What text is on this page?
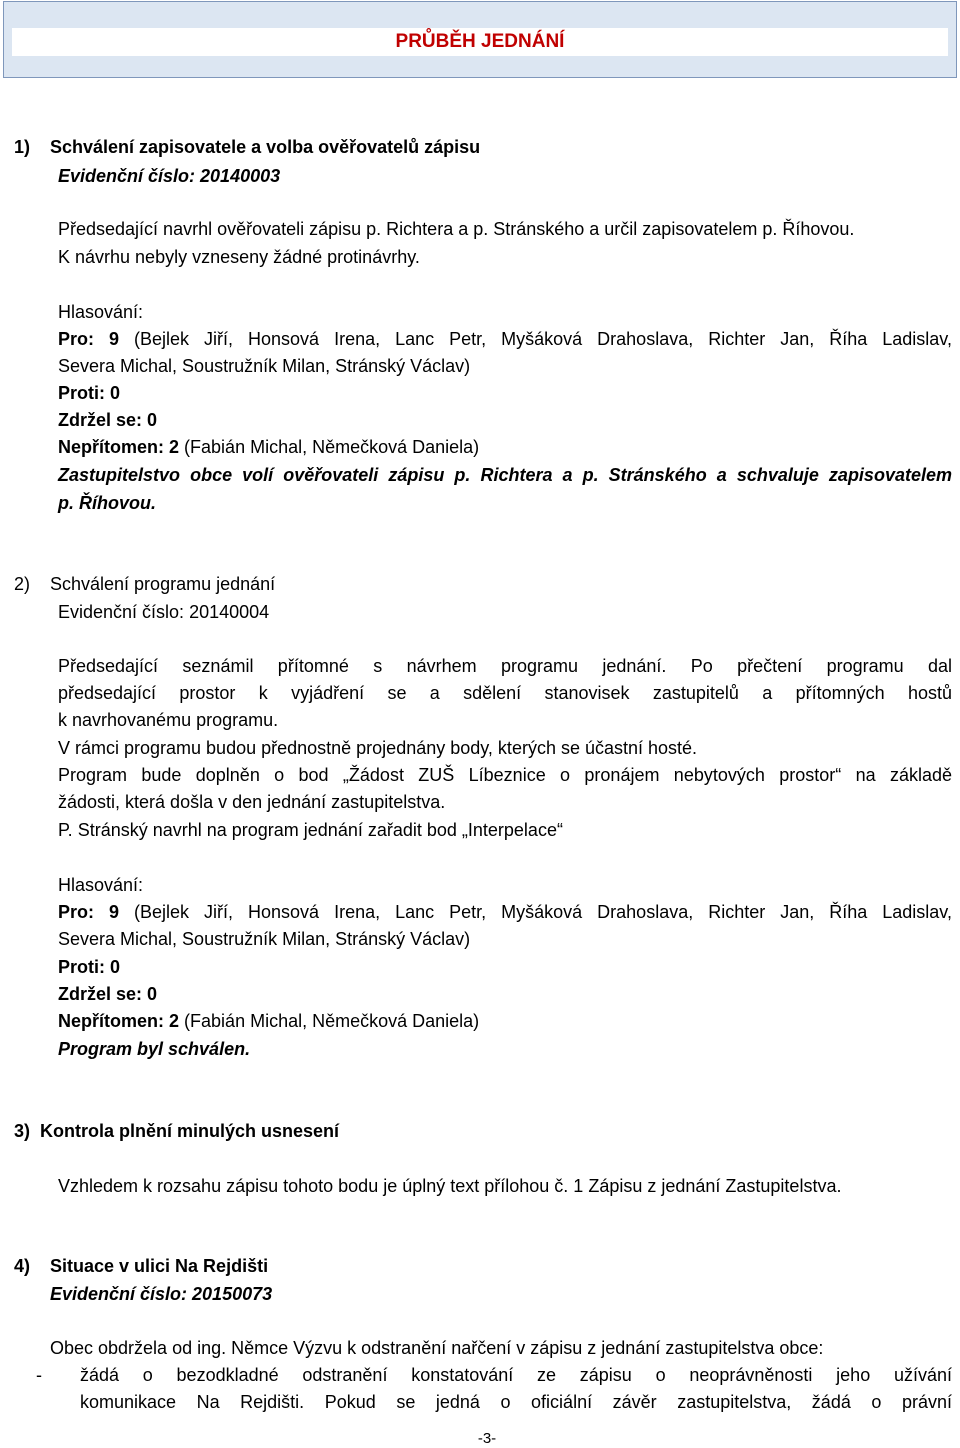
PRŮBĚH JEDNÁNÍ
1) Schválení zapisovatele a volba ověřovatelů zápisu
Evidenční číslo: 20140003
Předsedající navrhl ověřovateli zápisu p. Richtera a p. Stránského a určil zapisovatelem p. Říhovou.
K návrhu nebyly vzneseny žádné protinávrhy.
Hlasování:
Pro: 9 (Bejlek Jiří, Honsová Irena, Lanc Petr, Myšáková Drahoslava, Richter Jan, Říha Ladislav,
Severa Michal, Soustružník Milan, Stránský Václav)
Proti: 0
Zdržel se: 0
Nepřítomen: 2 (Fabián Michal, Němečková Daniela)
Zastupitelstvo obce volí ověřovateli zápisu p. Richtera a p. Stránského a schvaluje zapisovatelem
p. Říhovou.
2) Schválení programu jednání
Evidenční číslo: 20140004
Předsedající seznámil přítomné s návrhem programu jednání. Po přečtení programu dal
předsedající prostor k vyjádření se a sdělení stanovisek zastupitelů a přítomných hostů
k navrhovanému programu.
V rámci programu budou přednostně projednány body, kterých se účastní hosté.
Program bude doplněn o bod „Žádost ZUŠ Líbeznice o pronájem nebytových prostor“ na základě
žádosti, která došla v den jednání zastupitelstva.
P. Stránský navrhl na program jednání zařadit bod „Interpelace“
Hlasování:
Pro: 9 (Bejlek Jiří, Honsová Irena, Lanc Petr, Myšáková Drahoslava, Richter Jan, Říha Ladislav,
Severa Michal, Soustružník Milan, Stránský Václav)
Proti: 0
Zdržel se: 0
Nepřítomen: 2 (Fabián Michal, Němečková Daniela)
Program byl schválen.
3) Kontrola plnění minulých usnesení
Vzhledem k rozsahu zápisu tohoto bodu je úplný text přílohou č. 1 Zápisu z jednání Zastupitelstva.
4) Situace v ulici Na Rejdišti
Evidenční číslo: 20150073
Obec obdržela od ing. Němce Výzvu k odstranění nařčení v zápisu z jednání zastupitelstva obce:
- žádá o bezodkladné odstranění konstatování ze zápisu o neoprávněnosti jeho užívání
komunikace Na Rejdišti. Pokud se jedná o oficiální závěr zastupitelstva, žádá o právní
-3-
